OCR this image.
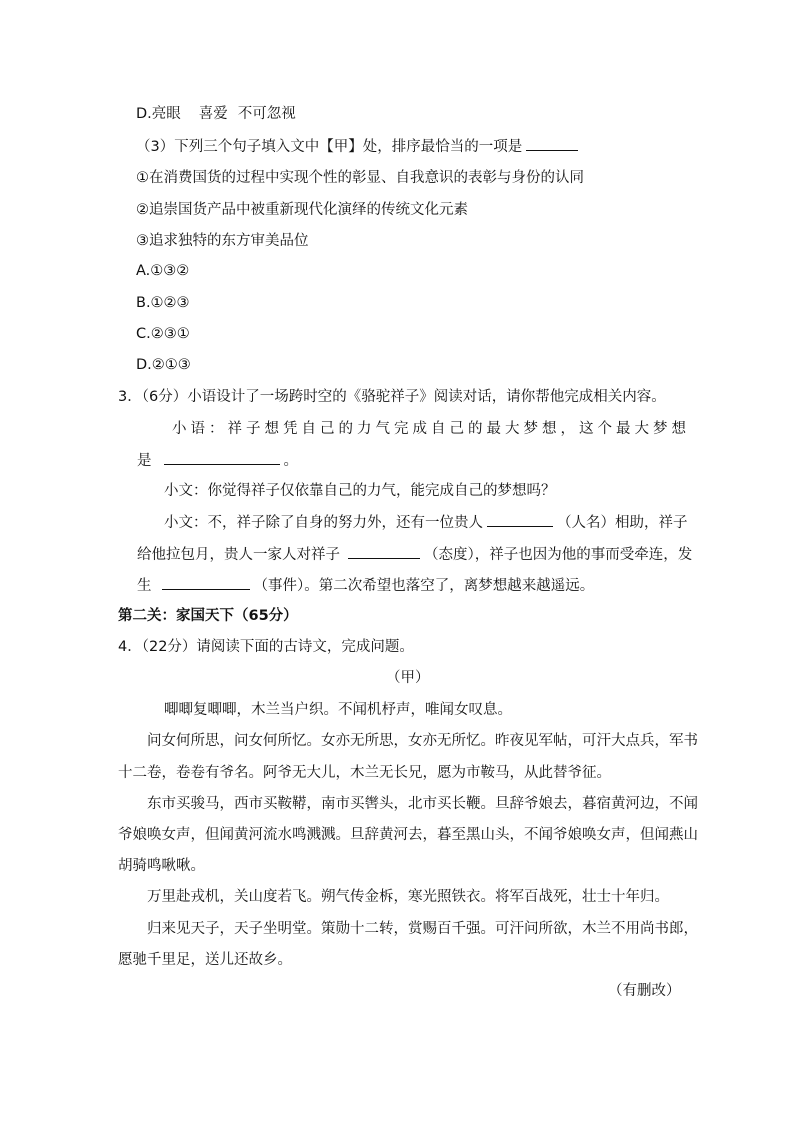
D.亮眼 喜爱 不可忽视
（3）下列三个句子填入文中【甲】处，排序最恰当的一项是
①在消费国货的过程中实现个性的彰显、自我意识的表彰与身份的认同
②追崇国货产品中被重新现代化演绎的传统文化元素
③追求独特的东方审美品位
A.①③②
B.①②③
C.②③①
D.②①③
3．（6分）小语设计了一场跨时空的《骆驼祥子》阅读对话，请你帮他完成相关内容。
小语：祥子想凭自己的力气完成自己的最大梦想，这个最大梦想
是	。
小文：你觉得祥子仅依靠自己的力气，能完成自己的梦想吗？
小文：不，祥子除了自身的努力外，还有一位贵人	（人名）相助，祥子
给他拉包月，贵人一家人对祥子	（态度），祥子也因为他的事而受牵连，发
生	（事件）。第二次希望也落空了，离梦想越来越遥远。
第二关：家国天下（65分）
4．（22分）请阅读下面的古诗文，完成问题。
（甲）
唧唧复唧唧，木兰当户织。不闻机杼声，唯闻女叹息。
问女何所思，问女何所忆。女亦无所思，女亦无所忆。昨夜见军帖，可汗大点兵，军书
十二卷，卷卷有爷名。阿爷无大儿，木兰无长兄，愿为市鞍马，从此替爷征。
东市买骏马，西市买鞍鞯，南市买辔头，北市买长鞭。旦辞爷娘去，暮宿黄河边，不闻
爷娘唤女声，但闻黄河流水鸣溅溅。旦辞黄河去，暮至黑山头，不闻爷娘唤女声，但闻燕山
胡骑鸣啾啾。
万里赴戎机，关山度若飞。朔气传金柝，寒光照铁衣。将军百战死，壮士十年归。
归来见天子，天子坐明堂。策勋十二转，赏赐百千强。可汗问所欲，木兰不用尚书郎，
愿驰千里足，送儿还故乡。
（有删改）
